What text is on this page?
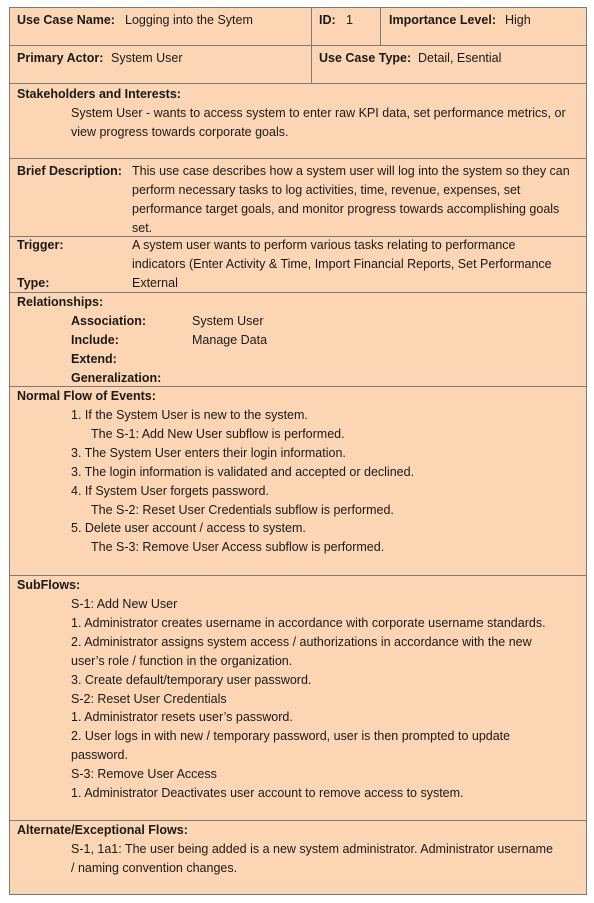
Use Case Name: Logging into the Sytem	ID: 1	Importance Level: High
Primary Actor: System User	Use Case Type: Detail, Esential
Stakeholders and Interests:
System User - wants to access system to enter raw KPI data, set performance metrics, or
view progress towards corporate goals.
Brief Description: This use case describes how a system user will log into the system so they can
perform necessary tasks to log activities, time, revenue, expenses, set
performance target goals, and monitor progress towards accomplishing goals
set.
Trigger:	A system user wants to perform various tasks relating to performance
indicators (Enter Activity & Time, Import Financial Reports, Set Performance
Type:	External
Relationships:
Association:	System User
Include:	Manage Data
Extend:
Generalization:
Normal Flow of Events:
1. If the System User is new to the system.
The S-1: Add New User subflow is performed.
3. The System User enters their login information.
3. The login information is validated and accepted or declined.
4. If System User forgets password.
The S-2: Reset User Credentials subflow is performed.
5. Delete user account / access to system.
The S-3: Remove User Access subflow is performed.
SubFlows:
S-1: Add New User
1. Administrator creates username in accordance with corporate username standards.
2. Administrator assigns system access / authorizations in accordance with the new
user’s role / function in the organization.
3. Create default/temporary user password.
S-2: Reset User Credentials
1. Administrator resets user’s password.
2. User logs in with new / temporary password, user is then prompted to update
password.
S-3: Remove User Access
1. Administrator Deactivates user account to remove access to system.
Alternate/Exceptional Flows:
S-1, 1a1: The user being added is a new system administrator. Administrator username
/ naming convention changes.
